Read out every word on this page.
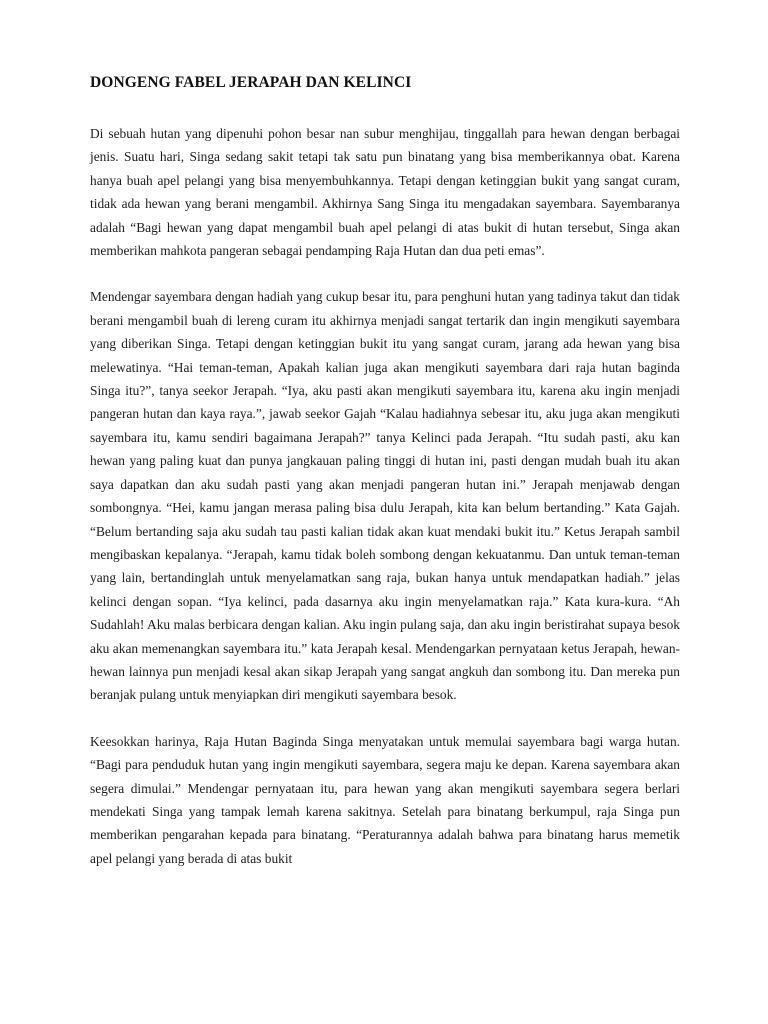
DONGENG FABEL JERAPAH DAN KELINCI

Di sebuah hutan yang dipenuhi pohon besar nan subur menghijau, tinggallah para hewan dengan berbagai jenis. Suatu hari, Singa sedang sakit tetapi tak satu pun binatang yang bisa memberikannya obat. Karena hanya buah apel pelangi yang bisa menyembuhkannya. Tetapi dengan ketinggian bukit yang sangat curam, tidak ada hewan yang berani mengambil. Akhirnya Sang Singa itu mengadakan sayembara. Sayembaranya adalah “Bagi hewan yang dapat mengambil buah apel pelangi di atas bukit di hutan tersebut, Singa akan memberikan mahkota pangeran sebagai pendamping Raja Hutan dan dua peti emas”.

Mendengar sayembara dengan hadiah yang cukup besar itu, para penghuni hutan yang tadinya takut dan tidak berani mengambil buah di lereng curam itu akhirnya menjadi sangat tertarik dan ingin mengikuti sayembara yang diberikan Singa. Tetapi dengan ketinggian bukit itu yang sangat curam, jarang ada hewan yang bisa melewatinya. “Hai teman-teman, Apakah kalian juga akan mengikuti sayembara dari raja hutan baginda Singa itu?”, tanya seekor Jerapah. “Iya, aku pasti akan mengikuti sayembara itu, karena aku ingin menjadi pangeran hutan dan kaya raya.”, jawab seekor Gajah “Kalau hadiahnya sebesar itu, aku juga akan mengikuti sayembara itu, kamu sendiri bagaimana Jerapah?” tanya Kelinci pada Jerapah. “Itu sudah pasti, aku kan hewan yang paling kuat dan punya jangkauan paling tinggi di hutan ini, pasti dengan mudah buah itu akan saya dapatkan dan aku sudah pasti yang akan menjadi pangeran hutan ini.” Jerapah menjawab dengan sombongnya. “Hei, kamu jangan merasa paling bisa dulu Jerapah, kita kan belum bertanding.” Kata Gajah. “Belum bertanding saja aku sudah tau pasti kalian tidak akan kuat mendaki bukit itu.” Ketus Jerapah sambil mengibaskan kepalanya. “Jerapah, kamu tidak boleh sombong dengan kekuatanmu. Dan untuk teman-teman yang lain, bertandinglah untuk menyelamatkan sang raja, bukan hanya untuk mendapatkan hadiah.” jelas kelinci dengan sopan. “Iya kelinci, pada dasarnya aku ingin menyelamatkan raja.” Kata kura-kura. “Ah Sudahlah! Aku malas berbicara dengan kalian. Aku ingin pulang saja, dan aku ingin beristirahat supaya besok aku akan memenangkan sayembara itu.” kata Jerapah kesal. Mendengarkan pernyataan ketus Jerapah, hewan-hewan lainnya pun menjadi kesal akan sikap Jerapah yang sangat angkuh dan sombong itu. Dan mereka pun beranjak pulang untuk menyiapkan diri mengikuti sayembara besok.

Keesokkan harinya, Raja Hutan Baginda Singa menyatakan untuk memulai sayembara bagi warga hutan. “Bagi para penduduk hutan yang ingin mengikuti sayembara, segera maju ke depan. Karena sayembara akan segera dimulai.” Mendengar pernyataan itu, para hewan yang akan mengikuti sayembara segera berlari mendekati Singa yang tampak lemah karena sakitnya. Setelah para binatang berkumpul, raja Singa pun memberikan pengarahan kepada para binatang. “Peraturannya adalah bahwa para binatang harus memetik apel pelangi yang berada di atas bukit
